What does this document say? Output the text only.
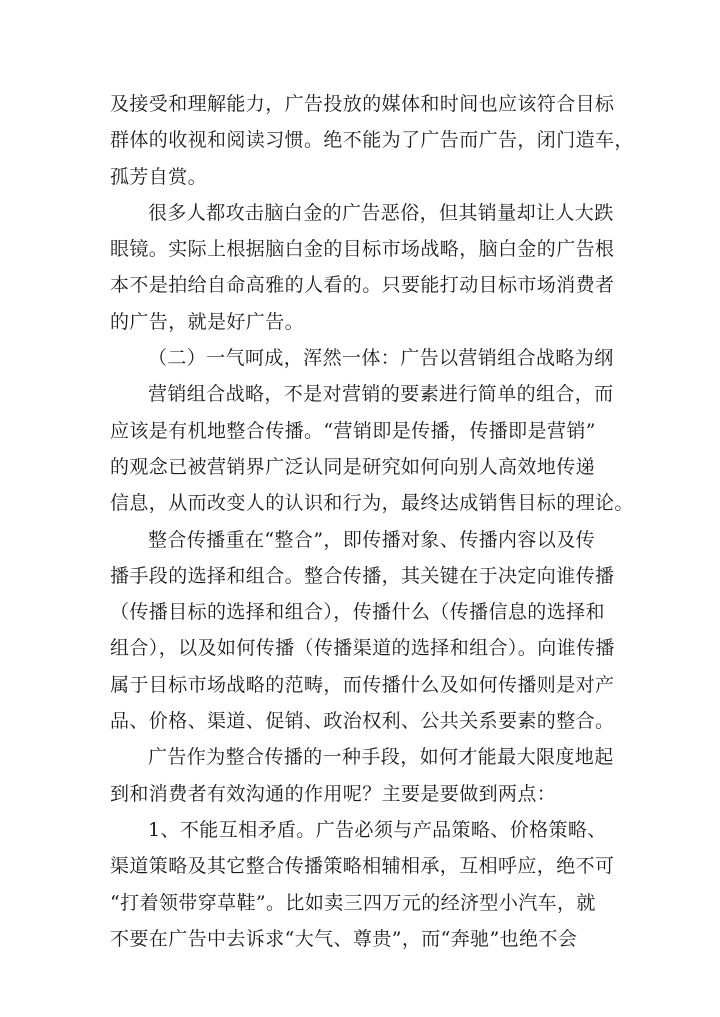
及接受和理解能力，广告投放的媒体和时间也应该符合目标
群体的收视和阅读习惯。绝不能为了广告而广告，闭门造车，
孤芳自赏。
很多人都攻击脑白金的广告恶俗，但其销量却让人大跌
眼镜。实际上根据脑白金的目标市场战略，脑白金的广告根
本不是拍给自命高雅的人看的。只要能打动目标市场消费者
的广告，就是好广告。
（二）一气呵成，浑然一体：广告以营销组合战略为纲
营销组合战略，不是对营销的要素进行简单的组合，而
应该是有机地整合传播。“营销即是传播，传播即是营销”
的观念已被营销界广泛认同是研究如何向别人高效地传递
信息，从而改变人的认识和行为，最终达成销售目标的理论。
整合传播重在“整合”，即传播对象、传播内容以及传
播手段的选择和组合。整合传播，其关键在于决定向谁传播
（传播目标的选择和组合），传播什么（传播信息的选择和
组合），以及如何传播（传播渠道的选择和组合）。向谁传播
属于目标市场战略的范畴，而传播什么及如何传播则是对产
品、价格、渠道、促销、政治权利、公共关系要素的整合。
广告作为整合传播的一种手段，如何才能最大限度地起
到和消费者有效沟通的作用呢？主要是要做到两点：
1、不能互相矛盾。广告必须与产品策略、价格策略、
渠道策略及其它整合传播策略相辅相承，互相呼应，绝不可
“打着领带穿草鞋”。比如卖三四万元的经济型小汽车，就
不要在广告中去诉求“大气、尊贵”，而“奔驰”也绝不会
